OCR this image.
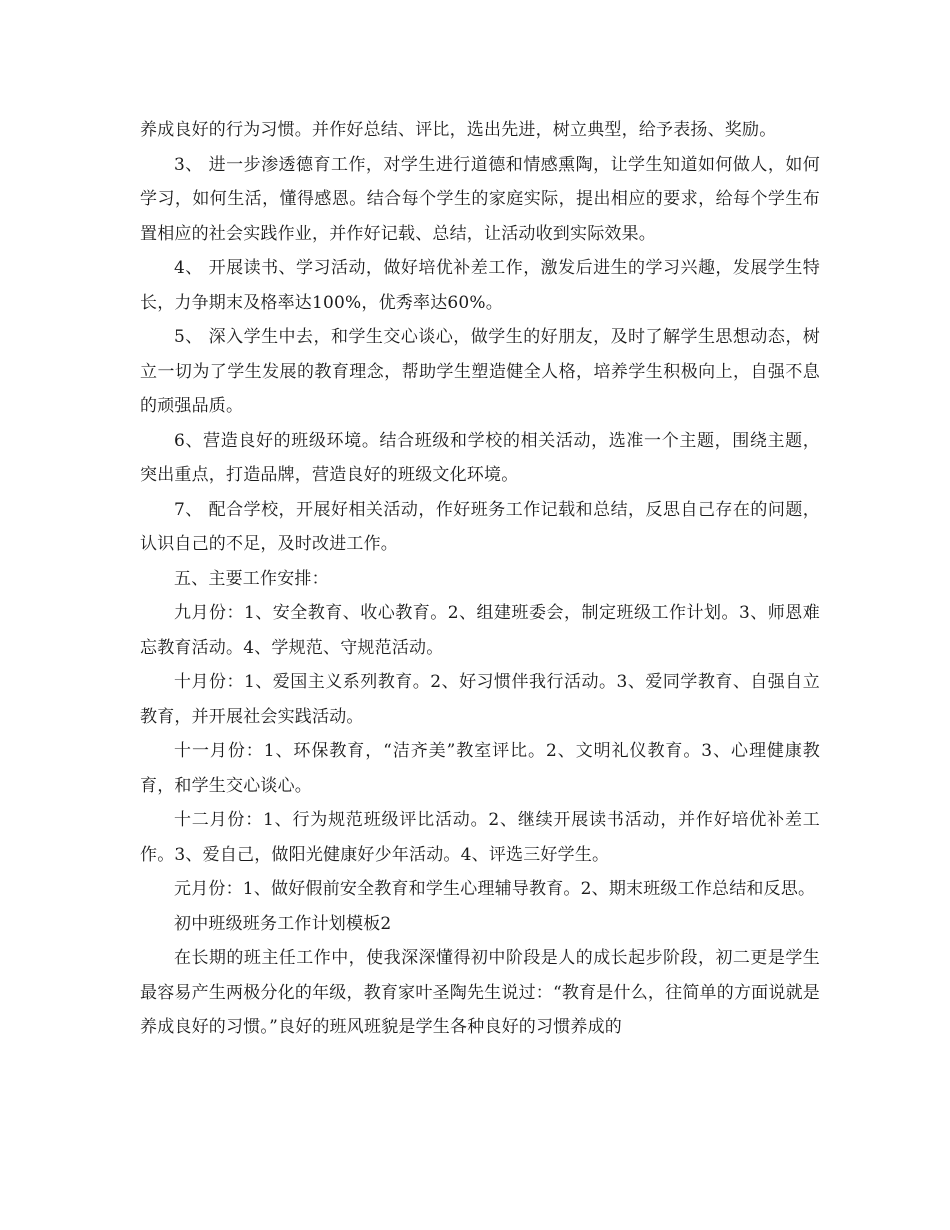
养成良好的行为习惯。并作好总结、评比，选出先进，树立典型，给予表扬、奖励。

3、 进一步渗透德育工作，对学生进行道德和情感熏陶，让学生知道如何做人，如何学习，如何生活，懂得感恩。结合每个学生的家庭实际，提出相应的要求，给每个学生布置相应的社会实践作业，并作好记载、总结，让活动收到实际效果。

4、 开展读书、学习活动，做好培优补差工作，激发后进生的学习兴趣，发展学生特长，力争期末及格率达100%，优秀率达60%。

5、 深入学生中去，和学生交心谈心，做学生的好朋友，及时了解学生思想动态，树立一切为了学生发展的教育理念，帮助学生塑造健全人格，培养学生积极向上，自强不息的顽强品质。

6、营造良好的班级环境。结合班级和学校的相关活动，选准一个主题，围绕主题，突出重点，打造品牌，营造良好的班级文化环境。

7、 配合学校，开展好相关活动，作好班务工作记载和总结，反思自己存在的问题，认识自己的不足，及时改进工作。

五、主要工作安排：

九月份：1、安全教育、收心教育。2、组建班委会，制定班级工作计划。3、师恩难忘教育活动。4、学规范、守规范活动。

十月份：1、爱国主义系列教育。2、好习惯伴我行活动。3、爱同学教育、自强自立教育，并开展社会实践活动。

十一月份：1、环保教育，“洁齐美”教室评比。2、文明礼仪教育。3、心理健康教育，和学生交心谈心。

十二月份：1、行为规范班级评比活动。2、继续开展读书活动，并作好培优补差工作。3、爱自己，做阳光健康好少年活动。4、评选三好学生。

元月份：1、做好假前安全教育和学生心理辅导教育。2、期末班级工作总结和反思。

初中班级班务工作计划模板2

在长期的班主任工作中，使我深深懂得初中阶段是人的成长起步阶段，初二更是学生最容易产生两极分化的年级，教育家叶圣陶先生说过：“教育是什么，往简单的方面说就是养成良好的习惯。”良好的班风班貌是学生各种良好的习惯养成的
